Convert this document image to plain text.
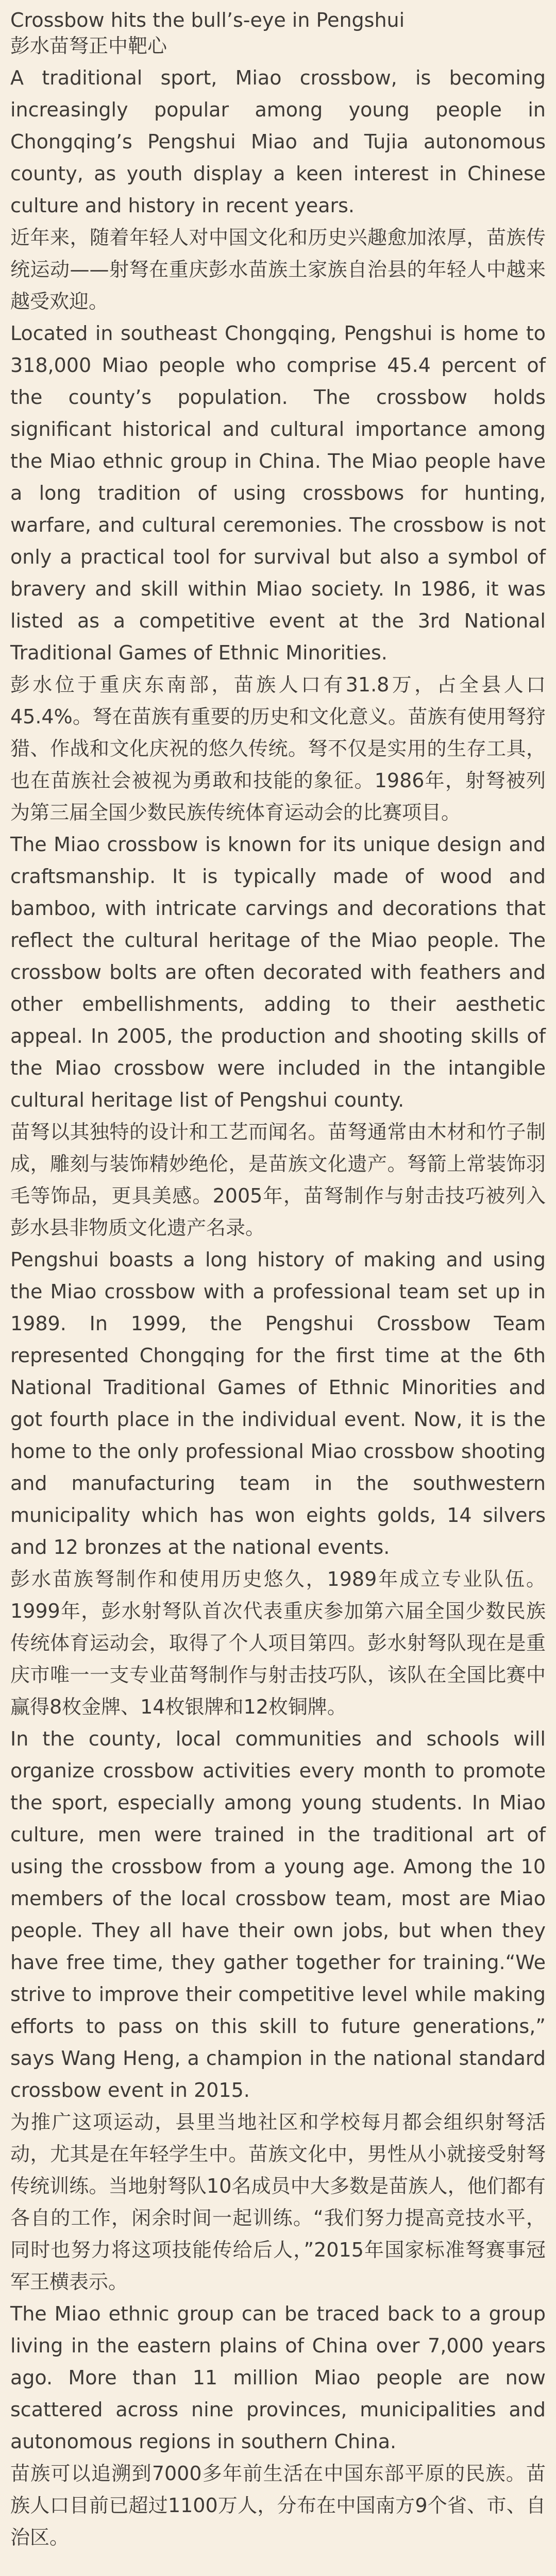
Crossbow hits the bull’s-eye in Pengshui
彭水苗弩正中靶心

A traditional sport, Miao crossbow, is becoming increasingly popular among young people in Chongqing’s Pengshui Miao and Tujia autonomous county, as youth display a keen interest in Chinese culture and history in recent years.

近年来，随着年轻人对中国文化和历史兴趣愈加浓厚，苗族传统运动——射弩在重庆彭水苗族土家族自治县的年轻人中越来越受欢迎。

Located in southeast Chongqing, Pengshui is home to 318,000 Miao people who comprise 45.4 percent of the county’s population. The crossbow holds significant historical and cultural importance among the Miao ethnic group in China. The Miao people have a long tradition of using crossbows for hunting, warfare, and cultural ceremonies. The crossbow is not only a practical tool for survival but also a symbol of bravery and skill within Miao society. In 1986, it was listed as a competitive event at the 3rd National Traditional Games of Ethnic Minorities.

彭水位于重庆东南部，苗族人口有31.8万，占全县人口45.4%。弩在苗族有重要的历史和文化意义。苗族有使用弩狩猎、作战和文化庆祝的悠久传统。弩不仅是实用的生存工具，也在苗族社会被视为勇敢和技能的象征。1986年，射弩被列为第三届全国少数民族传统体育运动会的比赛项目。

The Miao crossbow is known for its unique design and craftsmanship. It is typically made of wood and bamboo, with intricate carvings and decorations that reflect the cultural heritage of the Miao people. The crossbow bolts are often decorated with feathers and other embellishments, adding to their aesthetic appeal. In 2005, the production and shooting skills of the Miao crossbow were included in the intangible cultural heritage list of Pengshui county.

苗弩以其独特的设计和工艺而闻名。苗弩通常由木材和竹子制成，雕刻与装饰精妙绝伦，是苗族文化遗产。弩箭上常装饰羽毛等饰品，更具美感。2005年，苗弩制作与射击技巧被列入彭水县非物质文化遗产名录。

Pengshui boasts a long history of making and using the Miao crossbow with a professional team set up in 1989. In 1999, the Pengshui Crossbow Team represented Chongqing for the first time at the 6th National Traditional Games of Ethnic Minorities and got fourth place in the individual event. Now, it is the home to the only professional Miao crossbow shooting and manufacturing team in the southwestern municipality which has won eights golds, 14 silvers and 12 bronzes at the national events.

彭水苗族弩制作和使用历史悠久，1989年成立专业队伍。1999年，彭水射弩队首次代表重庆参加第六届全国少数民族传统体育运动会，取得了个人项目第四。彭水射弩队现在是重庆市唯一一支专业苗弩制作与射击技巧队，该队在全国比赛中赢得8枚金牌、14枚银牌和12枚铜牌。

In the county, local communities and schools will organize crossbow activities every month to promote the sport, especially among young students. In Miao culture, men were trained in the traditional art of using the crossbow from a young age. Among the 10 members of the local crossbow team, most are Miao people. They all have their own jobs, but when they have free time, they gather together for training.“We strive to improve their competitive level while making efforts to pass on this skill to future generations,” says Wang Heng, a champion in the national standard crossbow event in 2015.

为推广这项运动，县里当地社区和学校每月都会组织射弩活动，尤其是在年轻学生中。苗族文化中，男性从小就接受射弩传统训练。当地射弩队10名成员中大多数是苗族人，他们都有各自的工作，闲余时间一起训练。“我们努力提高竞技水平，同时也努力将这项技能传给后人，”2015年国家标准弩赛事冠军王横表示。

The Miao ethnic group can be traced back to a group living in the eastern plains of China over 7,000 years ago. More than 11 million Miao people are now scattered across nine provinces, municipalities and autonomous regions in southern China.

苗族可以追溯到7000多年前生活在中国东部平原的民族。苗族人口目前已超过1100万人，分布在中国南方9个省、市、自治区。
